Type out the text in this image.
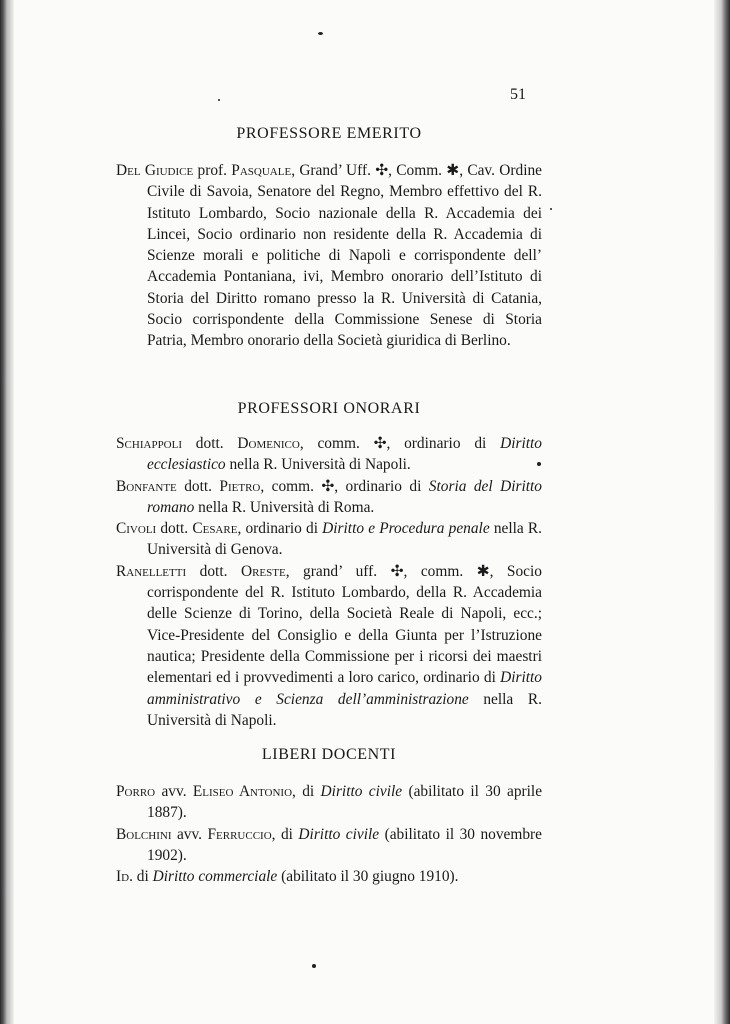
51
PROFESSORE EMERITO

Del Giudice prof. Pasquale, Grand’ Uff. ✣, Comm. ✱, Cav. Ordine Civile di Savoia, Senatore del Regno, Membro effettivo del R. Istituto Lombardo, Socio nazionale della R. Accademia dei Lincei, Socio ordinario non residente della R. Accademia di Scienze morali e politiche di Napoli e corrispondente dell’ Accademia Pontaniana, ivi, Membro onorario dell’Istituto di Storia del Diritto romano presso la R. Università di Catania, Socio corrispondente della Commissione Senese di Storia Patria, Membro onorario della Società giuridica di Berlino.

PROFESSORI ONORARI

Schiappoli dott. Domenico, comm. ✣, ordinario di Diritto ecclesiastico nella R. Università di Napoli.

Bonfante dott. Pietro, comm. ✣, ordinario di Storia del Diritto romano nella R. Università di Roma.

Civoli dott. Cesare, ordinario di Diritto e Procedura penale nella R. Università di Genova.

Ranelletti dott. Oreste, grand’ uff. ✣, comm. ✱, Socio corrispondente del R. Istituto Lombardo, della R. Accademia delle Scienze di Torino, della Società Reale di Napoli, ecc.; Vice-Presidente del Consiglio e della Giunta per l’Istruzione nautica; Presidente della Commissione per i ricorsi dei maestri elementari ed i provvedimenti a loro carico, ordinario di Diritto amministrativo e Scienza dell’amministrazione nella R. Università di Napoli.

LIBERI DOCENTI

Porro avv. Eliseo Antonio, di Diritto civile (abilitato il 30 aprile 1887).

Bolchini avv. Ferruccio, di Diritto civile (abilitato il 30 novembre 1902).

Id. di Diritto commerciale (abilitato il 30 giugno 1910).
